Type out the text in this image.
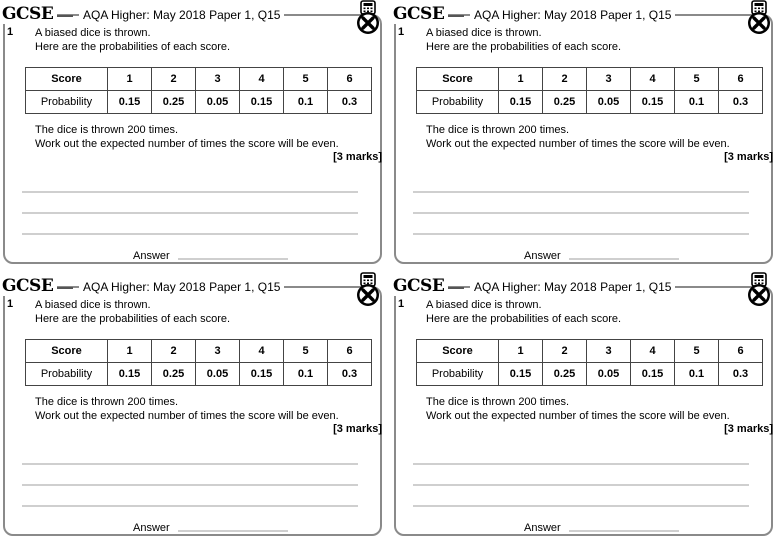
GCSE	AQA Higher: May 2018 Paper 1, Q15
1 A biased dice is thrown.
Here are the probabilities of each score.
Score	1	2	3	4	5	6
Probability	0.15	0.25	0.05	0.15	0.1	0.3
The dice is thrown 200 times.
Work out the expected number of times the score will be even.
[3 marks]
Answer
GCSE	AQA Higher: May 2018 Paper 1, Q15
1 A biased dice is thrown.
Here are the probabilities of each score.
Score	1	2	3	4	5	6
Probability	0.15	0.25	0.05	0.15	0.1	0.3
The dice is thrown 200 times.
Work out the expected number of times the score will be even.
[3 marks]
Answer
GCSE	AQA Higher: May 2018 Paper 1, Q15
1 A biased dice is thrown.
Here are the probabilities of each score.
Score	1	2	3	4	5	6
Probability	0.15	0.25	0.05	0.15	0.1	0.3
The dice is thrown 200 times.
Work out the expected number of times the score will be even.
[3 marks]
Answer
GCSE	AQA Higher: May 2018 Paper 1, Q15
1 A biased dice is thrown.
Here are the probabilities of each score.
Score	1	2	3	4	5	6
Probability	0.15	0.25	0.05	0.15	0.1	0.3
The dice is thrown 200 times.
Work out the expected number of times the score will be even.
[3 marks]
Answer
